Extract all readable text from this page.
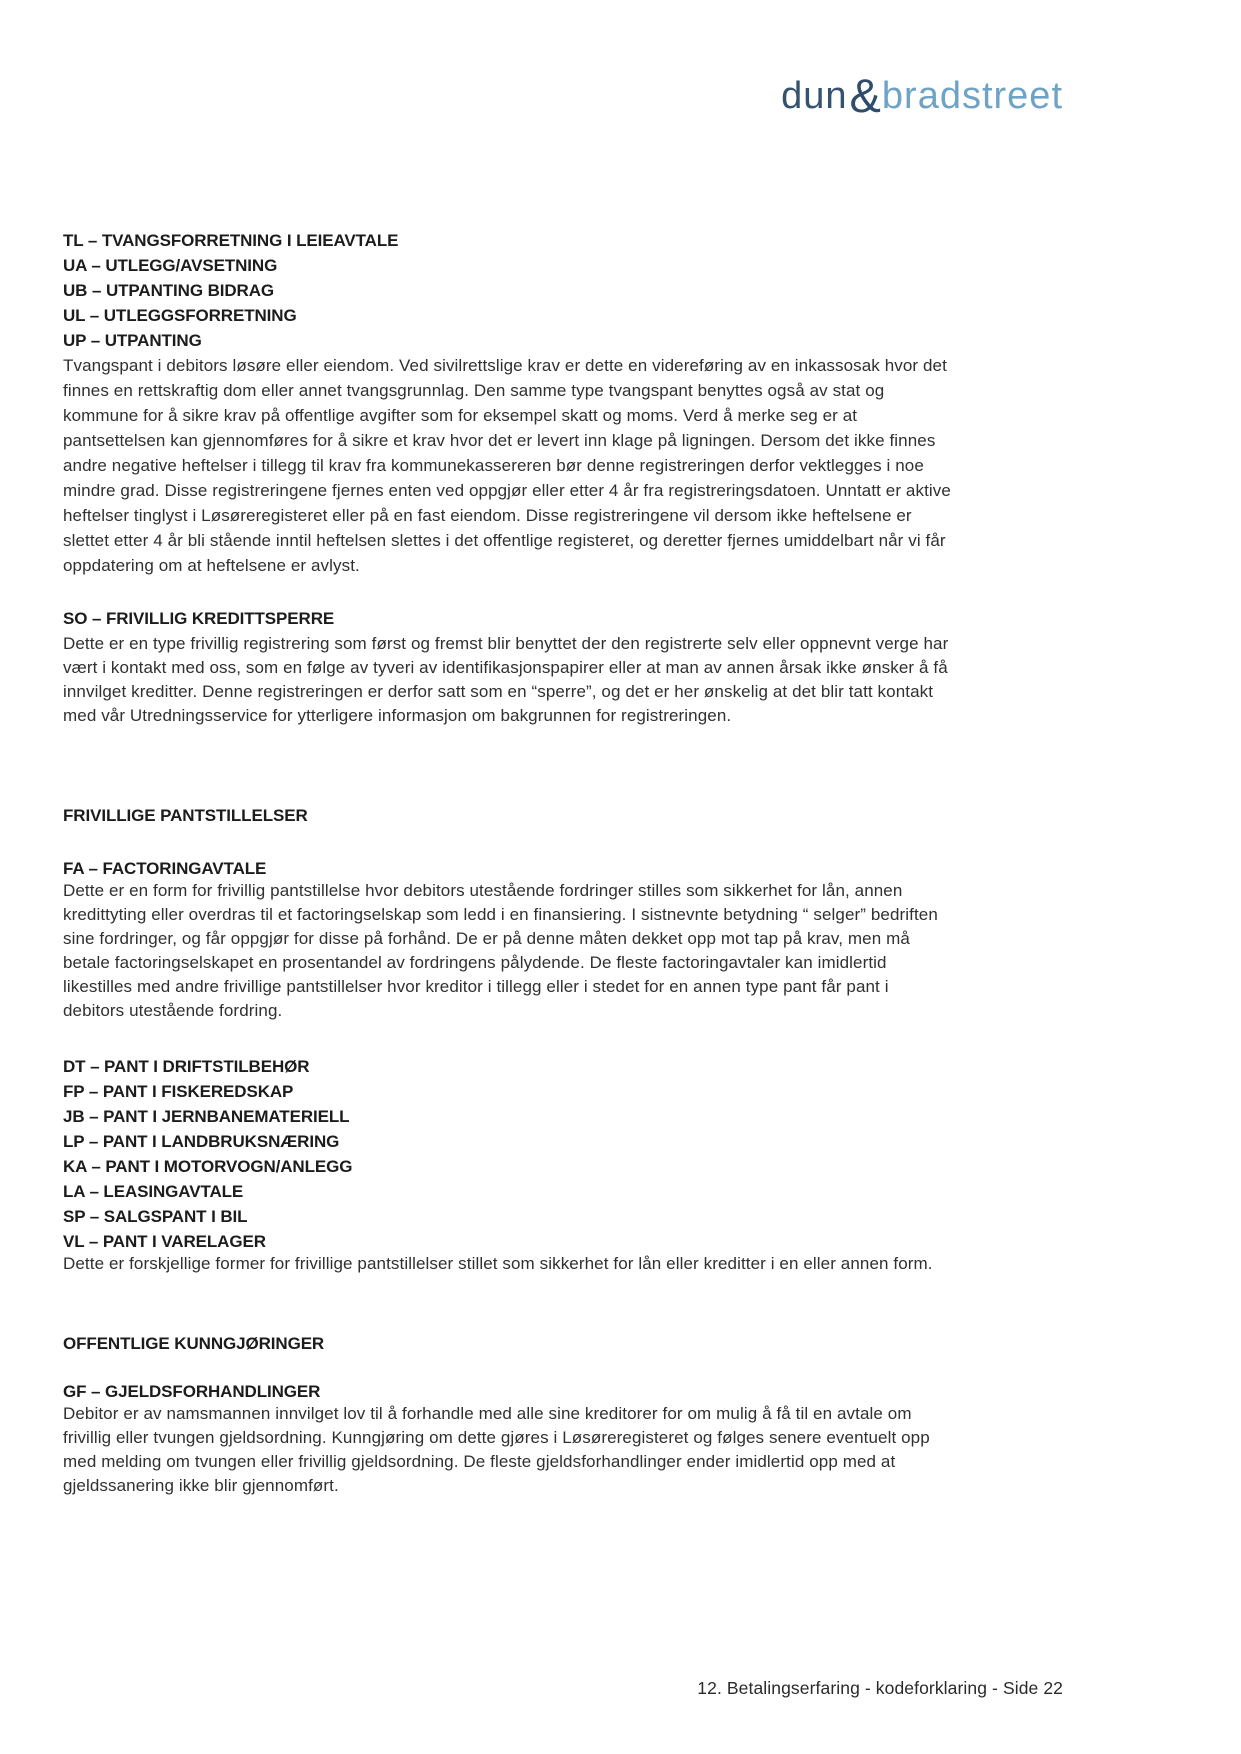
dun&bradstreet
TL – TVANGSFORRETNING I LEIEAVTALE
UA – UTLEGG/AVSETNING
UB – UTPANTING BIDRAG
UL – UTLEGGSFORRETNING
UP – UTPANTING
Tvangspant i debitors løsøre eller eiendom. Ved sivilrettslige krav er dette en videreføring av en inkassosak hvor det finnes en rettskraftig dom eller annet tvangsgrunnlag. Den samme type tvangspant benyttes også av stat og kommune for å sikre krav på offentlige avgifter som for eksempel skatt og moms. Verd å merke seg er at pantsettelsen kan gjennomføres for å sikre et krav hvor det er levert inn klage på ligningen. Dersom det ikke finnes andre negative heftelser i tillegg til krav fra kommunekassereren bør denne registreringen derfor vektlegges i noe mindre grad. Disse registreringene fjernes enten ved oppgjør eller etter 4 år fra registreringsdatoen. Unntatt er aktive heftelser tinglyst i Løsøreregisteret eller på en fast eiendom. Disse registreringene vil dersom ikke heftelsene er slettet etter 4 år bli stående inntil heftelsen slettes i det offentlige registeret, og deretter fjernes umiddelbart når vi får oppdatering om at heftelsene er avlyst.
SO – FRIVILLIG KREDITTSPERRE
Dette er en type frivillig registrering som først og fremst blir benyttet der den registrerte selv eller oppnevnt verge har vært i kontakt med oss, som en følge av tyveri av identifikasjonspapirer eller at man av annen årsak ikke ønsker å få innvilget kreditter. Denne registreringen er derfor satt som en “sperre”, og det er her ønskelig at det blir tatt kontakt med vår Utredningsservice for ytterligere informasjon om bakgrunnen for registreringen.
FRIVILLIGE PANTSTILLELSER
FA – FACTORINGAVTALE
Dette er en form for frivillig pantstillelse hvor debitors utestående fordringer stilles som sikkerhet for lån, annen kredittyting eller overdras til et factoringselskap som ledd i en finansiering. I sistnevnte betydning “ selger” bedriften sine fordringer, og får oppgjør for disse på forhånd. De er på denne måten dekket opp mot tap på krav, men må betale factoringselskapet en prosentandel av fordringens pålydende. De fleste factoringavtaler kan imidlertid likestilles med andre frivillige pantstillelser hvor kreditor i tillegg eller i stedet for en annen type pant får pant i debitors utestående fordring.
DT – PANT I DRIFTSTILBEHØR
FP – PANT I FISKEREDSKAP
JB – PANT I JERNBANEMATERIELL
LP – PANT I LANDBRUKSNÆRING
KA – PANT I MOTORVOGN/ANLEGG
LA – LEASINGAVTALE
SP – SALGSPANT I BIL
VL – PANT I VARELAGER
Dette er forskjellige former for frivillige pantstillelser stillet som sikkerhet for lån eller kreditter i en eller annen form.
OFFENTLIGE KUNNGJØRINGER
GF – GJELDSFORHANDLINGER
Debitor er av namsmannen innvilget lov til å forhandle med alle sine kreditorer for om mulig å få til en avtale om frivillig eller tvungen gjeldsordning. Kunngjøring om dette gjøres i Løsøreregisteret og følges senere eventuelt opp med melding om tvungen eller frivillig gjeldsordning. De fleste gjeldsforhandlinger ender imidlertid opp med at gjeldssanering ikke blir gjennomført.
12. Betalingserfaring - kodeforklaring - Side 22
